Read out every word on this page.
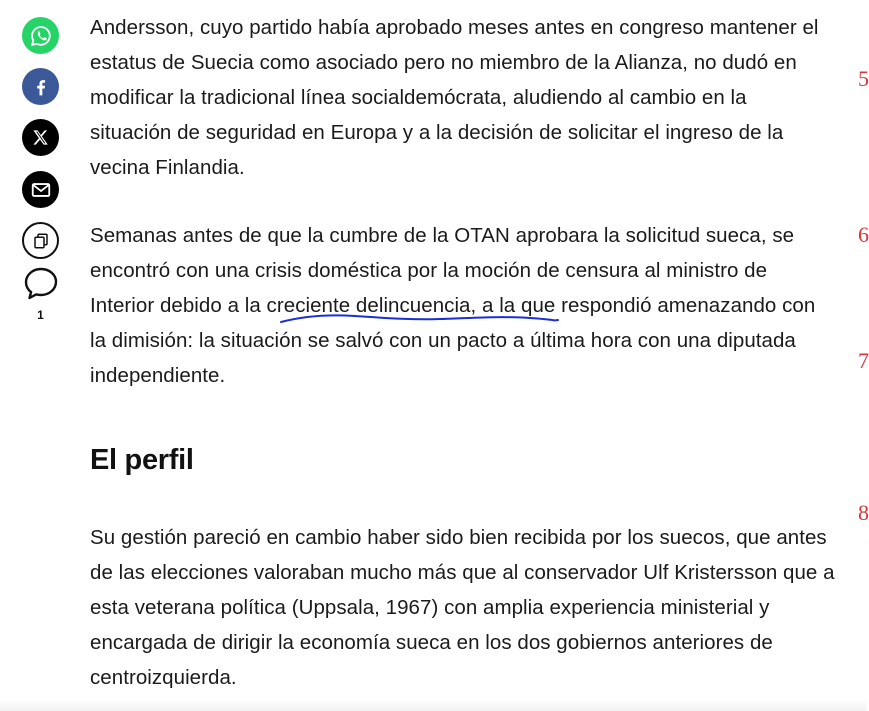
1

Andersson, cuyo partido había aprobado meses antes en congreso mantener el estatus de Suecia como asociado pero no miembro de la Alianza, no dudó en modificar la tradicional línea socialdemócrata, aludiendo al cambio en la situación de seguridad en Europa y a la decisión de solicitar el ingreso de la vecina Finlandia.

Semanas antes de que la cumbre de la OTAN aprobara la solicitud sueca, se encontró con una crisis doméstica por la moción de censura al ministro de Interior debido a la creciente delincuencia, a la que respondió amenazando con la dimisión: la situación se salvó con un pacto a última hora con una diputada independiente.

El perfil

Su gestión pareció en cambio haber sido bien recibida por los suecos, que antes de las elecciones valoraban mucho más que al conservador Ulf Kristersson que a esta veterana política (Uppsala, 1967) con amplia experiencia ministerial y encargada de dirigir la economía sueca en los dos gobiernos anteriores de centroizquierda.

5
6
7
8
